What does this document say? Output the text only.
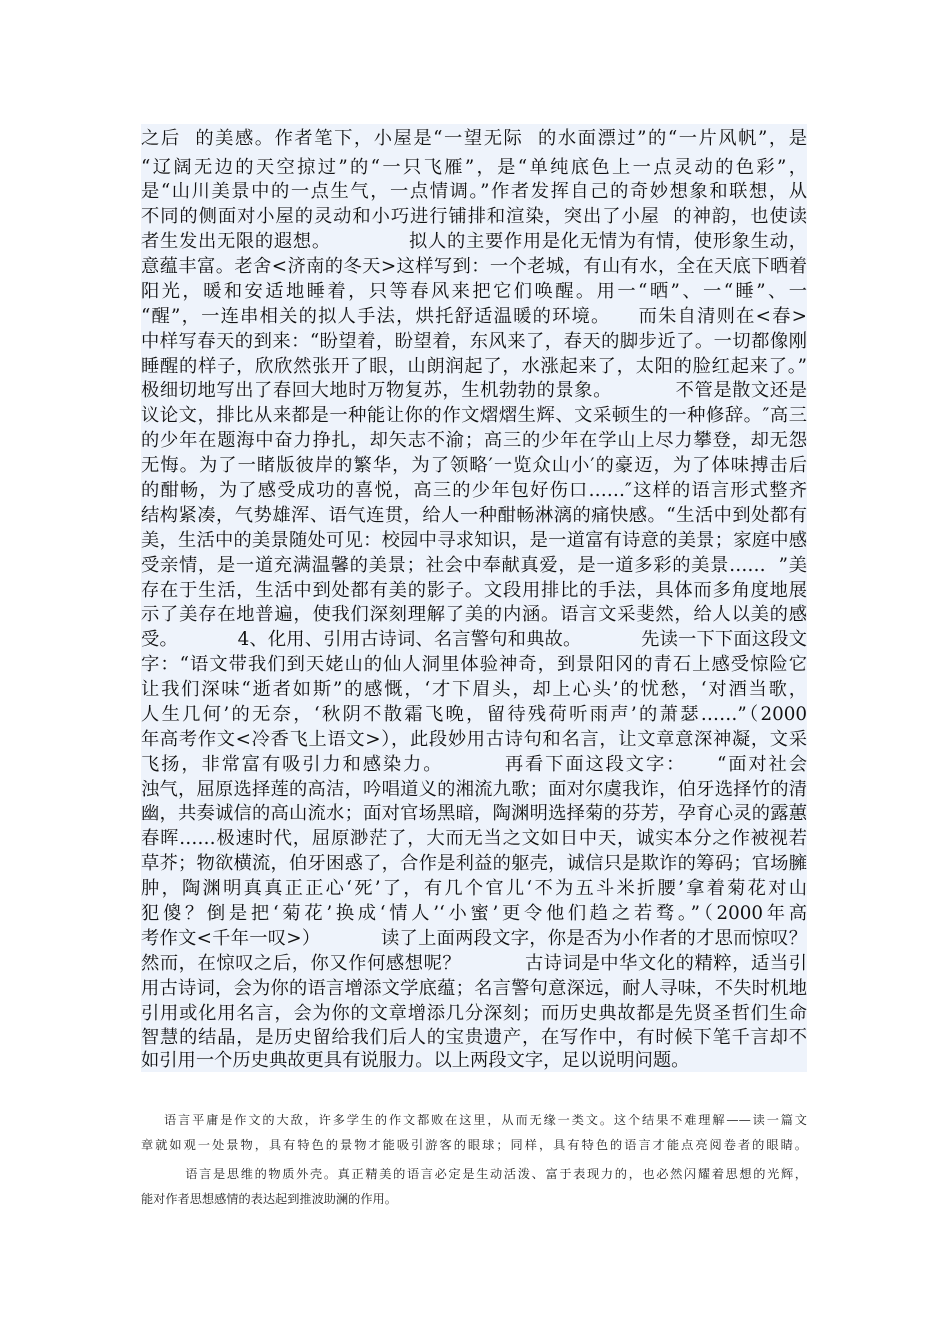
之后  的美感。作者笔下，小屋是“一望无际  的水面漂过”的“一片风帆”，是
“辽阔无边的天空掠过”的“一只飞雁”，是“单纯底色上一点灵动的色彩”，
是“山川美景中的一点生气，一点情调。”作者发挥自己的奇妙想象和联想，从
不同的侧面对小屋的灵动和小巧进行铺排和渲染，突出了小屋  的神韵，也使读
者生发出无限的遐想。            拟人的主要作用是化无情为有情，使形象生动，
意蕴丰富。老舍<济南的冬天>这样写到：一个老城，有山有水，全在天底下晒着
阳光，暖和安适地睡着，只等春风来把它们唤醒。用一“晒”、一“睡”、一
“醒”，一连串相关的拟人手法，烘托舒适温暖的环境。    而朱自清则在<春>
中样写春天的到来：“盼望着，盼望着，东风来了，春天的脚步近了。一切都像刚
睡醒的样子，欣欣然张开了眼，山朗润起了，水涨起来了，太阳的脸红起来了。”
极细切地写出了春回大地时万物复苏，生机勃勃的景象。          不管是散文还是
议论文，排比从来都是一种能让你的作文熠熠生辉、文采顿生的一种修辞。″高三
的少年在题海中奋力挣扎，却矢志不渝；高三的少年在学山上尽力攀登，却无怨
无悔。为了一睹版彼岸的繁华，为了领略′一览众山小′的豪迈，为了体味搏击后
的酣畅，为了感受成功的喜悦，高三的少年包好伤口……″这样的语言形式整齐
结构紧凑，气势雄浑、语气连贯，给人一种酣畅淋漓的痛快感。“生活中到处都有
美，生活中的美景随处可见：校园中寻求知识，是一道富有诗意的美景；家庭中感
受亲情，是一道充满温馨的美景；社会中奉献真爱，是一道多彩的美景……  ”美
存在于生活，生活中到处都有美的影子。文段用排比的手法，具体而多角度地展
示了美存在地普遍，使我们深刻理解了美的内涵。语言文采斐然，给人以美的感
受。          4、化用、引用古诗词、名言警句和典故。          先读一下下面这段文
字：“语文带我们到天姥山的仙人洞里体验神奇，到景阳冈的青石上感受惊险它
让我们深味“逝者如斯”的感慨，‘才下眉头，却上心头’的忧愁，‘对酒当歌，
人生几何’的无奈，‘秋阴不散霜飞晚，留待残荷听雨声’的萧瑟……”（2000
年高考作文<冷香飞上语文>），此段妙用古诗句和名言，让文章意深神凝，文采
飞扬，非常富有吸引力和感染力。        再看下面这段文字：    “面对社会
浊气，屈原选择莲的高洁，吟唱道义的湘流九歌；面对尔虞我诈，伯牙选择竹的清
幽，共奏诚信的高山流水；面对官场黑暗，陶渊明选择菊的芬芳，孕育心灵的露蕙
春晖……极速时代，屈原渺茫了，大而无当之文如日中天，诚实本分之作被视若
草芥；物欲横流，伯牙困惑了，合作是利益的躯壳，诚信只是欺诈的筹码；官场臃
肿，陶渊明真真正正心‘死’了，有几个官儿‘不为五斗米折腰’拿着菊花对山
犯傻？倒是把‘菊花’换成‘情人’‘小蜜’更令他们趋之若骛。”（2000年高
考作文<千年一叹>）          读了上面两段文字，你是否为小作者的才思而惊叹？
然而，在惊叹之后，你又作何感想呢？          古诗词是中华文化的精粹，适当引
用古诗词，会为你的语言增添文学底蕴；名言警句意深远，耐人寻味，不失时机地
引用或化用名言，会为你的文章增添几分深刻；而历史典故都是先贤圣哲们生命
智慧的结晶，是历史留给我们后人的宝贵遗产，在写作中，有时候下笔千言却不
如引用一个历史典故更具有说服力。以上两段文字，足以说明问题。
语言平庸是作文的大敌，许多学生的作文都败在这里，从而无缘一类文。这个结果不难理解——读一篇文
章就如观一处景物，具有特色的景物才能吸引游客的眼球；同样，具有特色的语言才能点亮阅卷者的眼睛。
语言是思维的物质外壳。真正精美的语言必定是生动活泼、富于表现力的，也必然闪耀着思想的光辉，
能对作者思想感情的表达起到推波助澜的作用。
